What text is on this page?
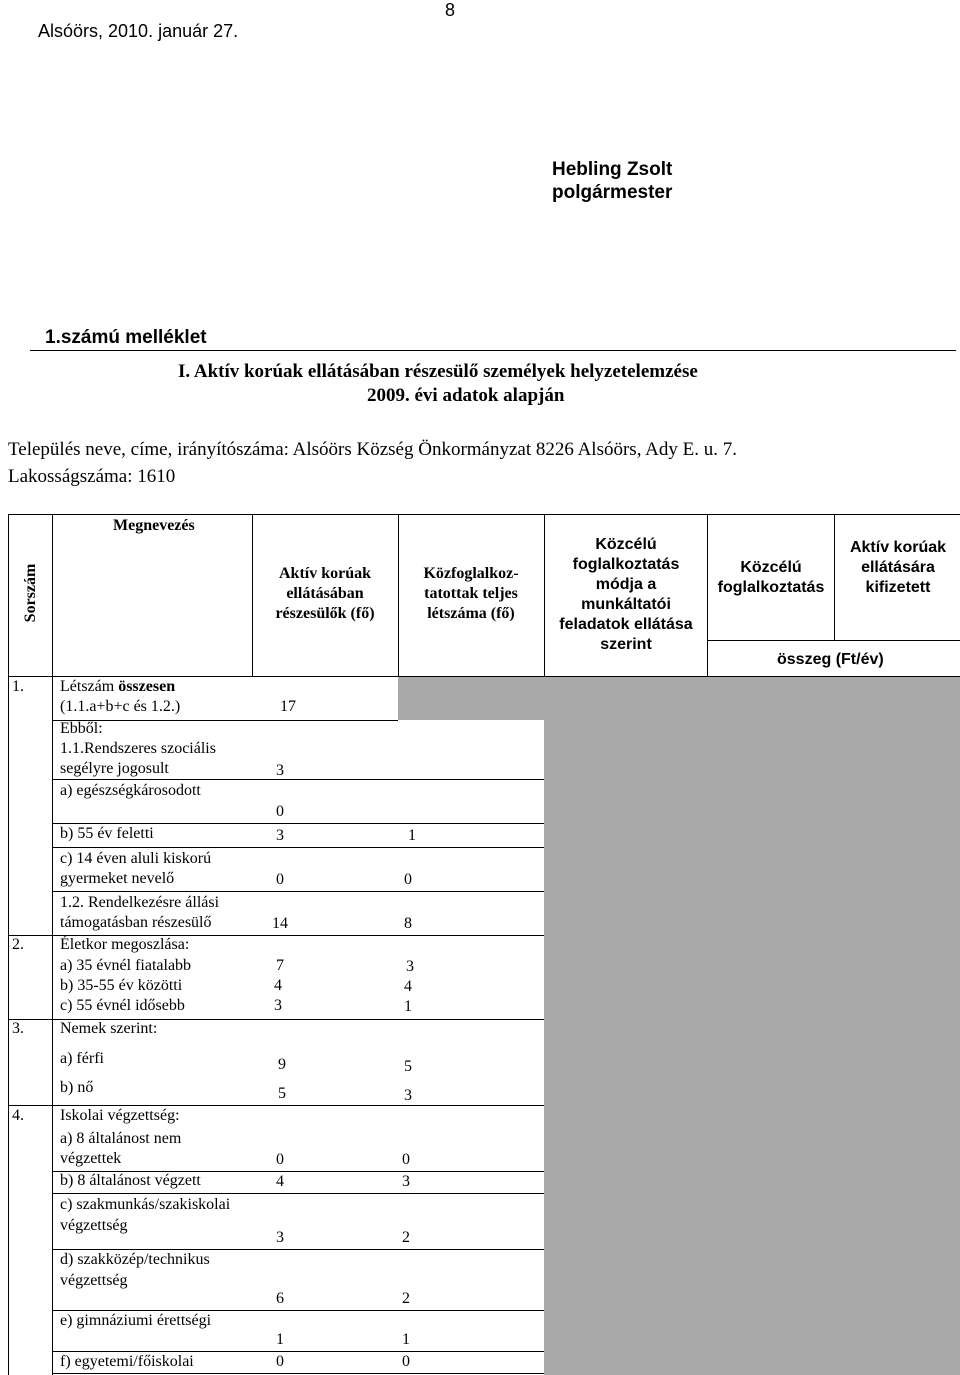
Alsóörs, 2010. január 27.
8
Hebling Zsolt
polgármester
1.számú melléklet
I. Aktív korúak ellátásában részesülő személyek helyzetelemzése
2009. évi adatok alapján
Település neve, címe, irányítószáma: Alsóörs Község Önkormányzat 8226 Alsóörs, Ady E. u. 7.
Lakosságszáma: 1610
Sorszám
Megnevezés
Aktív korúak ellátásában részesülők (fő)
Közfoglalkoz-tatottak teljes létszáma (fő)
Közcélú foglalkoztatás módja a munkáltatói feladatok ellátása szerint
Közcélú foglalkoztatás
Aktív korúak ellátására kifizetett
összeg (Ft/év)
1. Létszám összesen
(1.1.a+b+c és 1.2.)	17
Ebből:
1.1.Rendszeres szociális
segélyre jogosult	3
a) egészségkárosodott
0
b) 55 év feletti	3	1
c) 14 éven aluli kiskorú
gyermeket nevelő	0	0
1.2. Rendelkezésre állási
támogatásban részesülő	14	8
2. Életkor megoszlása:
a) 35 évnél fiatalabb	7	3
b) 35-55 év közötti	4	4
c) 55 évnél idősebb	3	1
3. Nemek szerint:
a) férfi	9	5
b) nő	5	3
4. Iskolai végzettség:
a) 8 általánost nem
végzettek	0	0
b) 8 általánost végzett	4	3
c) szakmunkás/szakiskolai
végzettség
3	2
d) szakközép/technikus
végzettség
6	2
e) gimnáziumi érettségi
1	1
f) egyetemi/főiskolai	0	0
